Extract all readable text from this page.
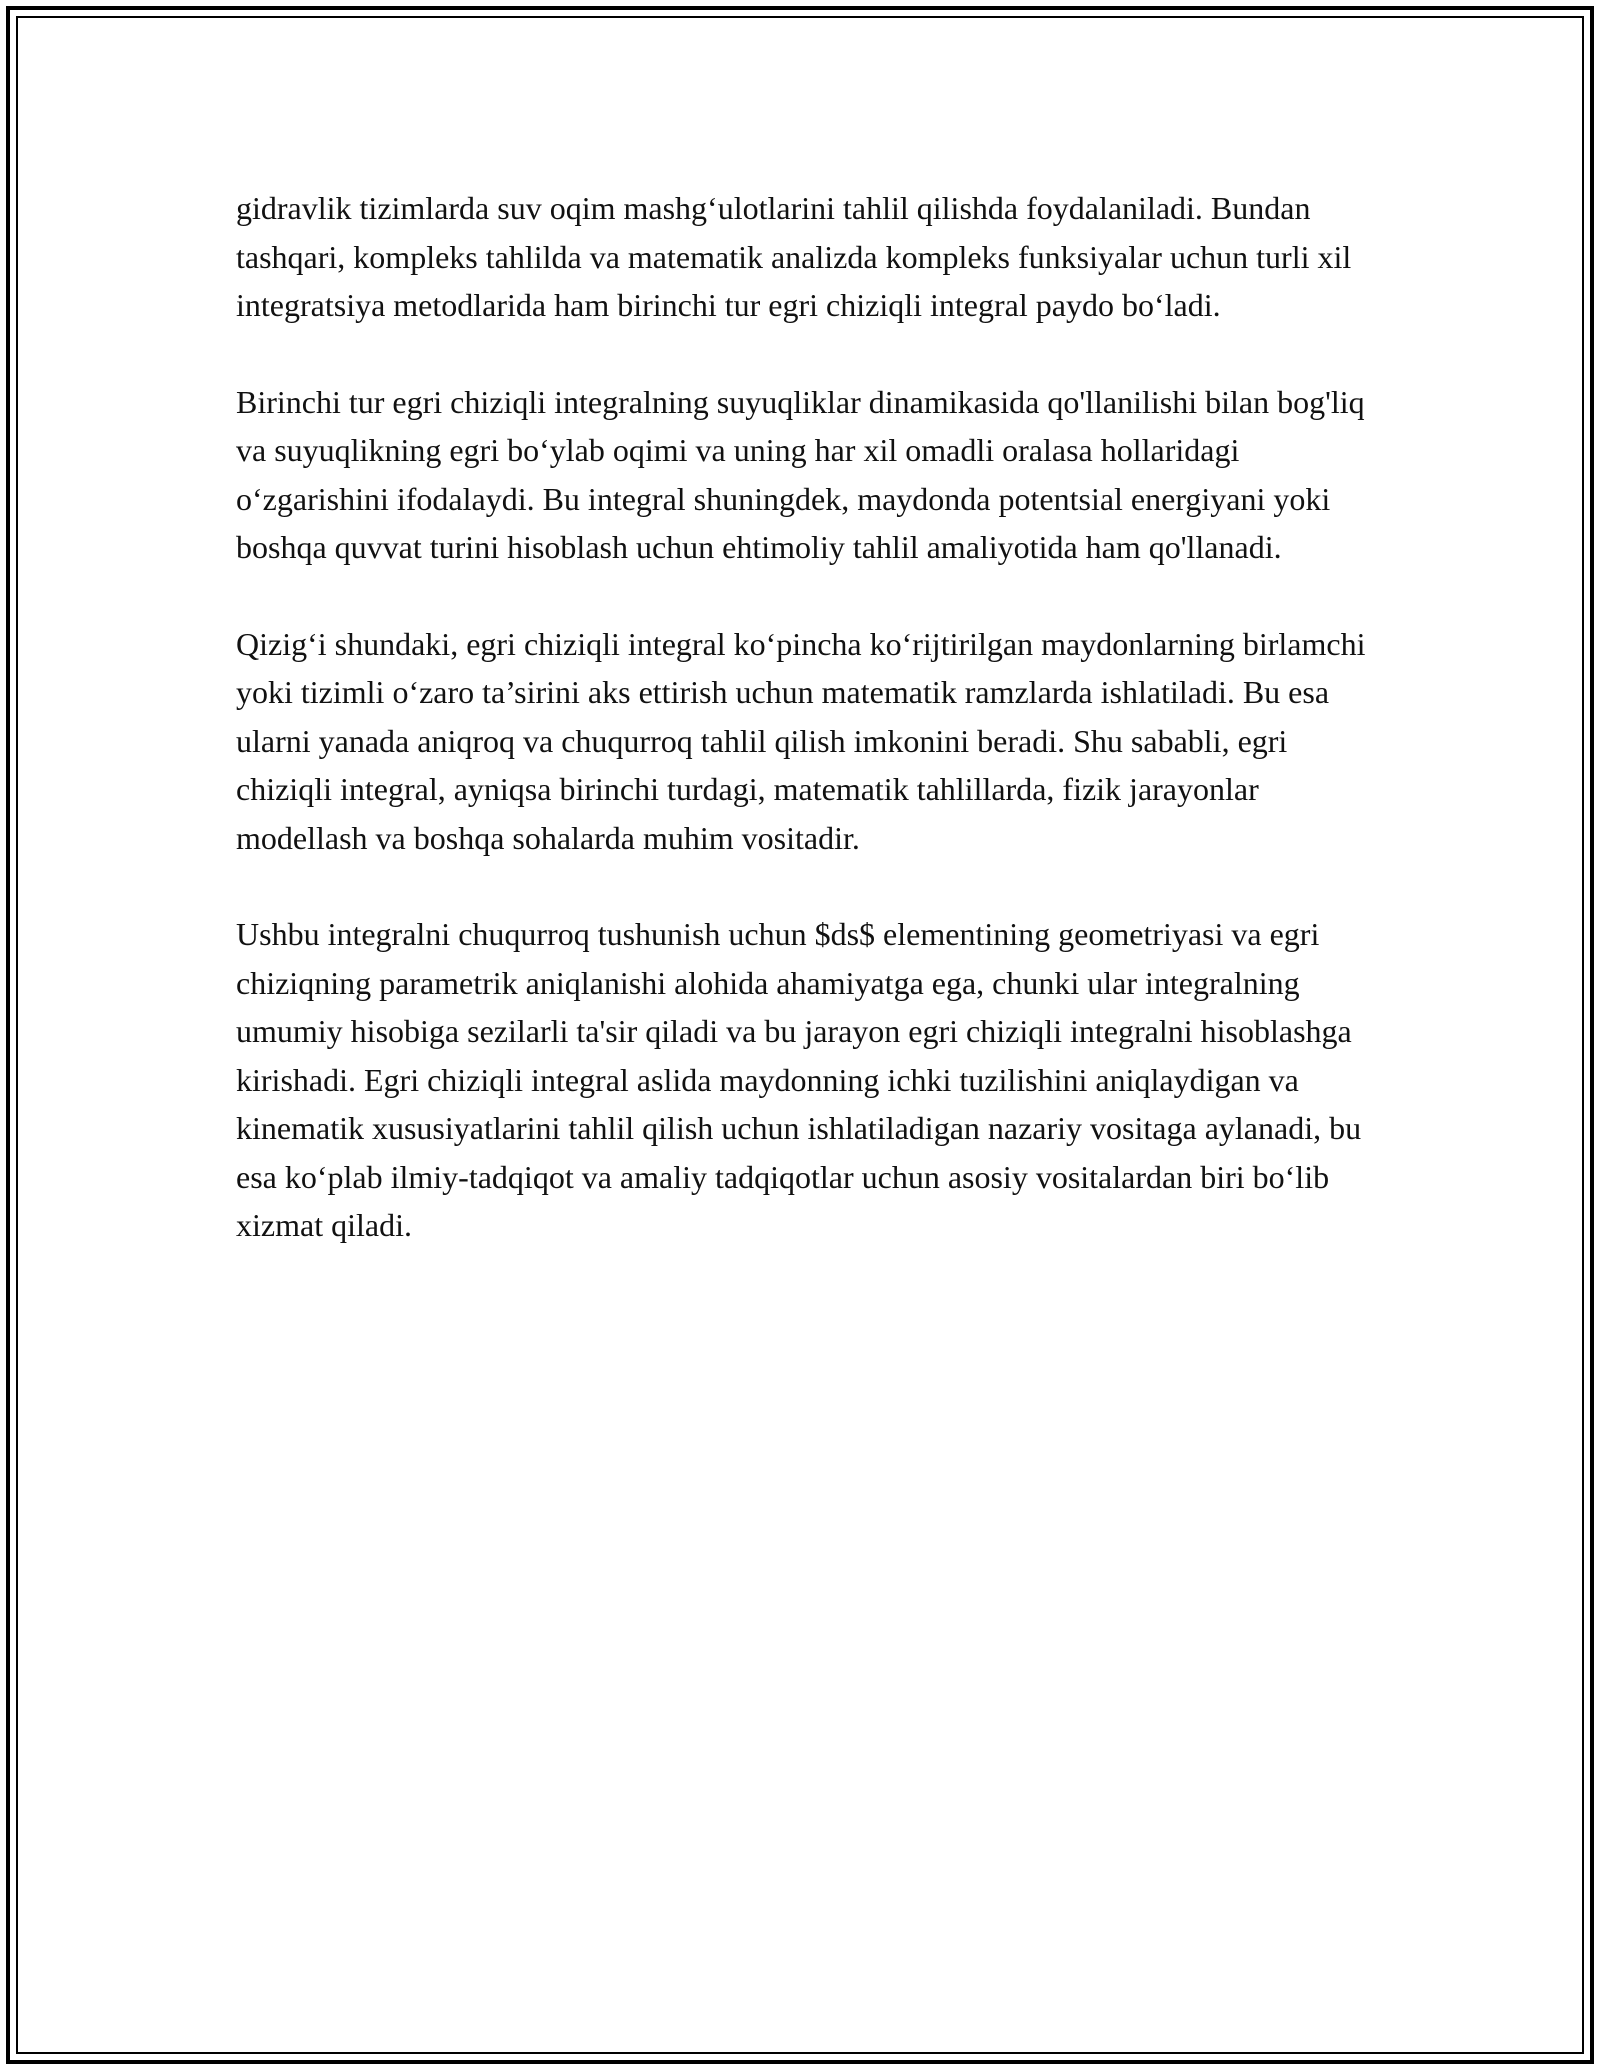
gidravlik tizimlarda suv oqim mashg‘ulotlarini tahlil qilishda foydalaniladi. Bundan tashqari, kompleks tahlilda va matematik analizda kompleks funksiyalar uchun turli xil integratsiya metodlarida ham birinchi tur egri chiziqli integral paydo bo‘ladi.

Birinchi tur egri chiziqli integralning suyuqliklar dinamikasida qo'llanilishi bilan bog'liq va suyuqlikning egri bo‘ylab oqimi va uning har xil omadli oralasa hollaridagi o‘zgarishini ifodalaydi. Bu integral shuningdek, maydonda potentsial energiyani yoki boshqa quvvat turini hisoblash uchun ehtimoliy tahlil amaliyotida ham qo'llanadi.

Qizig‘i shundaki, egri chiziqli integral ko‘pincha ko‘rijtirilgan maydonlarning birlamchi yoki tizimli o‘zaro ta’sirini aks ettirish uchun matematik ramzlarda ishlatiladi. Bu esa ularni yanada aniqroq va chuqurroq tahlil qilish imkonini beradi. Shu sababli, egri chiziqli integral, ayniqsa birinchi turdagi, matematik tahlillarda, fizik jarayonlar modellash va boshqa sohalarda muhim vositadir.

Ushbu integralni chuqurroq tushunish uchun $ds$ elementining geometriyasi va egri chiziqning parametrik aniqlanishi alohida ahamiyatga ega, chunki ular integralning umumiy hisobiga sezilarli ta'sir qiladi va bu jarayon egri chiziqli integralni hisoblashga kirishadi. Egri chiziqli integral aslida maydonning ichki tuzilishini aniqlaydigan va kinematik xususiyatlarini tahlil qilish uchun ishlatiladigan nazariy vositaga aylanadi, bu esa ko‘plab ilmiy-tadqiqot va amaliy tadqiqotlar uchun asosiy vositalardan biri bo‘lib xizmat qiladi.
